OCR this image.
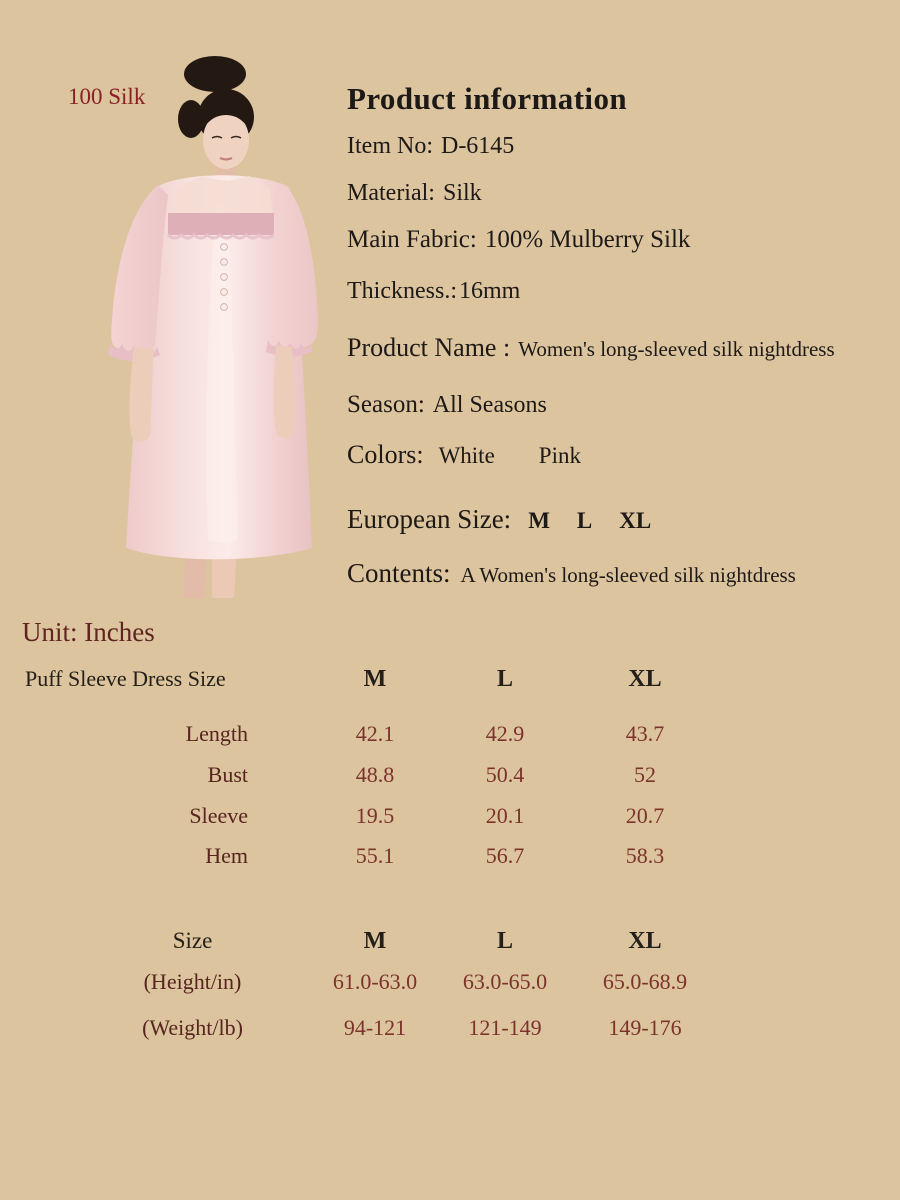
100 Silk	Product information
Item No: D-6145
Material: Silk
Main Fabric: 100% Mulberry Silk
Thickness.:16mm
Product Name : Women's long-sleeved silk nightdress
Season: All Seasons
Colors: White Pink
European Size: M L XL
Contents: A Women's long-sleeved silk nightdress
Unit: Inches
Puff Sleeve Dress Size	M	L	XL
Length	42.1	42.9	43.7
Bust	48.8	50.4	52
Sleeve	19.5	20.1	20.7
Hem	55.1	56.7	58.3
Size	M	L	XL
(Height/in)	61.0-63.0	63.0-65.0	65.0-68.9
(Weight/lb)	94-121	121-149	149-176
